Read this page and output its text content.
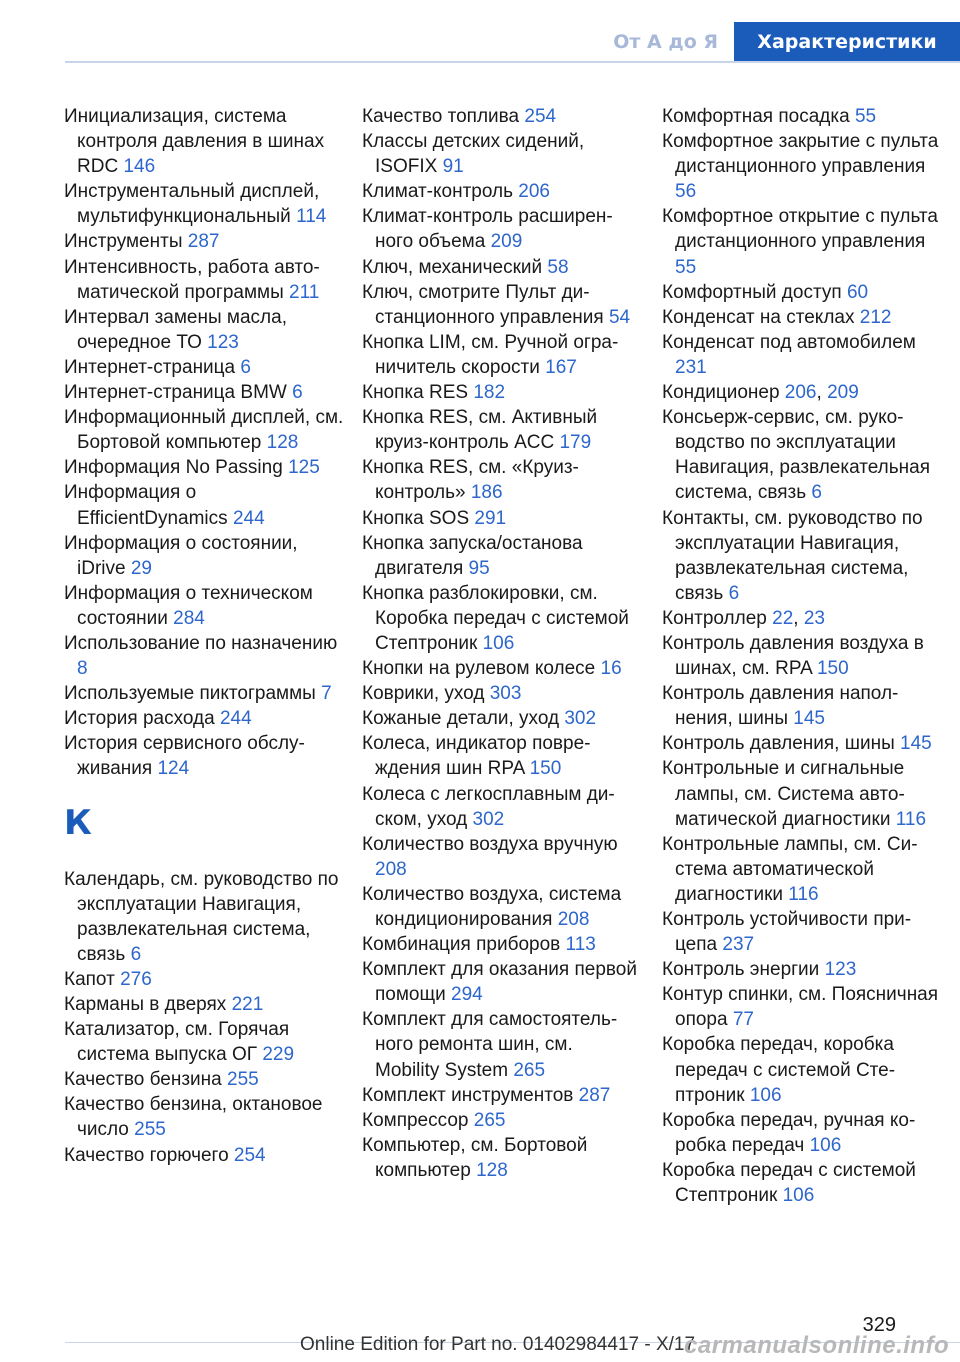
От А до Я	Характеристики

Инициализация, система контроля давления в шинах RDC 146

Инструментальный дисплей, мультифункциональный 114

Инструменты 287

Интенсивность, работа автоматической программы 211

Интервал замены масла, очередное ТО 123

Интернет-страница 6

Интернет-страница BMW 6

Информационный дисплей, см. Бортовой компьютер 128

Информация No Passing 125

Информация о EfficientDynamics 244

Информация о состоянии, iDrive 29

Информация о техническом состоянии 284

Использование по назначению 8

Используемые пиктограммы 7

История расхода 244

История сервисного обслуживания 124

К

Календарь, см. руководство по эксплуатации Навигация, развлекательная система, связь 6

Капот 276

Карманы в дверях 221

Катализатор, см. Горячая система выпуска ОГ 229

Качество бензина 255

Качество бензина, октановое число 255

Качество горючего 254

Качество топлива 254

Классы детских сидений, ISOFIX 91

Климат-контроль 206

Климат-контроль расширенного объема 209

Ключ, механический 58

Ключ, смотрите Пульт дистанционного управления 54

Кнопка LIM, см. Ручной ограничитель скорости 167

Кнопка RES 182

Кнопка RES, см. Активный круиз-контроль ACC 179

Кнопка RES, см. «Круиз-контроль» 186

Кнопка SOS 291

Кнопка запуска/останова двигателя 95

Кнопка разблокировки, см. Коробка передач с системой Стептроник 106

Кнопки на рулевом колесе 16

Коврики, уход 303

Кожаные детали, уход 302

Колеса, индикатор повреждения шин RPA 150

Колеса с легкосплавным диском, уход 302

Количество воздуха вручную 208

Количество воздуха, система кондиционирования 208

Комбинация приборов 113

Комплект для оказания первой помощи 294

Комплект для самостоятельного ремонта шин, см. Mobility System 265

Комплект инструментов 287

Компрессор 265

Компьютер, см. Бортовой компьютер 128

Комфортная посадка 55

Комфортное закрытие с пульта дистанционного управления 56

Комфортное открытие с пульта дистанционного управления 55

Комфортный доступ 60

Конденсат на стеклах 212

Конденсат под автомобилем 231

Кондиционер 206, 209

Консьерж-сервис, см. руководство по эксплуатации Навигация, развлекательная система, связь 6

Контакты, см. руководство по эксплуатации Навигация, развлекательная система, связь 6

Контроллер 22, 23

Контроль давления воздуха в шинах, см. RPA 150

Контроль давления наполнения, шины 145

Контроль давления, шины 145

Контрольные и сигнальные лампы, см. Система автоматической диагностики 116

Контрольные лампы, см. Система автоматической диагностики 116

Контроль устойчивости прицепа 237

Контроль энергии 123

Контур спинки, см. Поясничная опора 77

Коробка передач, коробка передач с системой Стептроник 106

Коробка передач, ручная коробка передач 106

Коробка передач с системой Стептроник 106

329
Online Edition for Part no. 01402984417 - X/17
carmanualsonline.info
